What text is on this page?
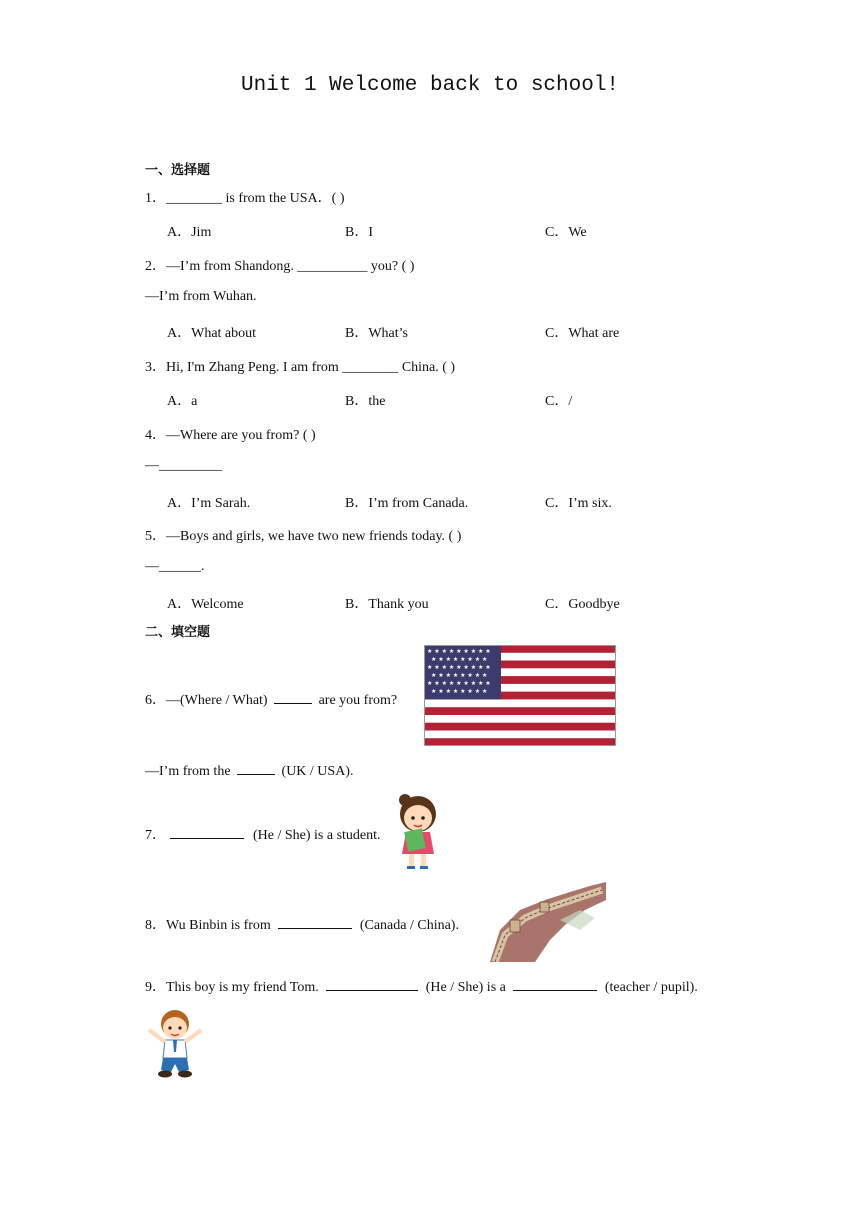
Unit 1 Welcome back to school!
一、选择题
1．________ is from the USA．( )
A．Jim	B．I	C．We
2．—I’m from Shandong. __________ you? ( )
—I’m from Wuhan.
A．What about	B．What’s	C．What are
3．Hi, I'm Zhang Peng. I am from ________ China. ( )
A．a	B．the	C．/
4．—Where are you from? ( )
—_________
A．I’m Sarah.	B．I’m from Canada.	C．I’m six.
5．—Boys and girls, we have two new friends today. ( )
—______.
A．Welcome	B．Thank you	C．Goodbye
二、填空题
6．—(Where / What)	are you from?
★ ★ ★ ★ ★ ★ ★ ★ ★
★ ★ ★ ★ ★ ★ ★ ★
★ ★ ★ ★ ★ ★ ★ ★ ★
★ ★ ★ ★ ★ ★ ★ ★
★ ★ ★ ★ ★ ★ ★ ★ ★
★ ★ ★ ★ ★ ★ ★ ★
—I’m from the	(UK / USA).
7．	(He / She) is a student.
8．Wu Binbin is from	(Canada / China).
9．This boy is my friend Tom.	(He / She) is a	(teacher / pupil).
